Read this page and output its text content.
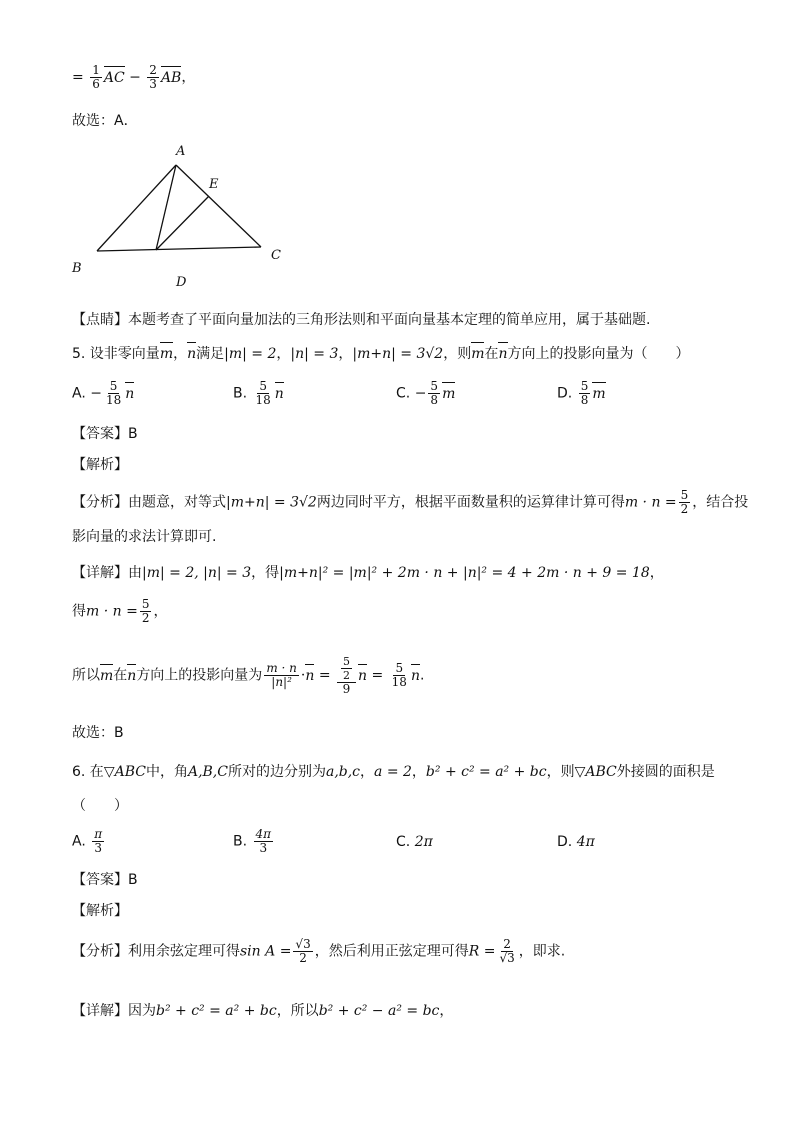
= $\frac{1}{6}$ AC − $\frac{2}{3}$ AB，
故选：A．
A
E
B
C
D
【点睛】本题考查了平面向量加法的三角形法则和平面向量基本定理的简单应用，属于基础题.
5. 设非零向量m，n满足|m| = 2，|n| = 3，|m+n| = 3√2，则m在n方向上的投影向量为（　　）
A. − $\frac{5}{18}$ n	B. $\frac{5}{18}$ n	C. − $\frac{5}{8}$ m	D. $\frac{5}{8}$ m
【答案】B
【解析】
【分析】由题意，对等式|m+n| = 3√2两边同时平方，根据平面数量积的运算律计算可得$m \cdot n = \frac{5}{2}$ ，结合投
影向量的求法计算即可.
【详解】由|m| = 2, |n| = 3，得|m+n|² = |m|² + 2m · n + |n|² = 4 + 2m · n + 9 = 18，
得$m \cdot n = \frac{5}{2}$ ，
所以m在n方向上的投影向量为 $\frac{m \cdot n}{\text{|n|²}} \cdot n = \frac{\frac{5}{2}}{9}$ $n = \frac{5}{18} n$.
故选：B
6. 在▽ABC中，角A,B,C所对的边分别为a,b,c，a = 2，b² + c² = a² + bc，则▽ABC外接圆的面积是
（　　）
A. $\frac{\pi}{3}$	B. $\frac{4\pi}{3}$	C. 2π	D. 4π
【答案】B
【解析】
【分析】利用余弦定理可得$\sin A = \frac{√3}{2}$ ，然后利用正弦定理可得$R = \frac{2}{√3}$ ，即求.
【详解】因为b² + c² = a² + bc，所以b² + c² − a² = bc，
